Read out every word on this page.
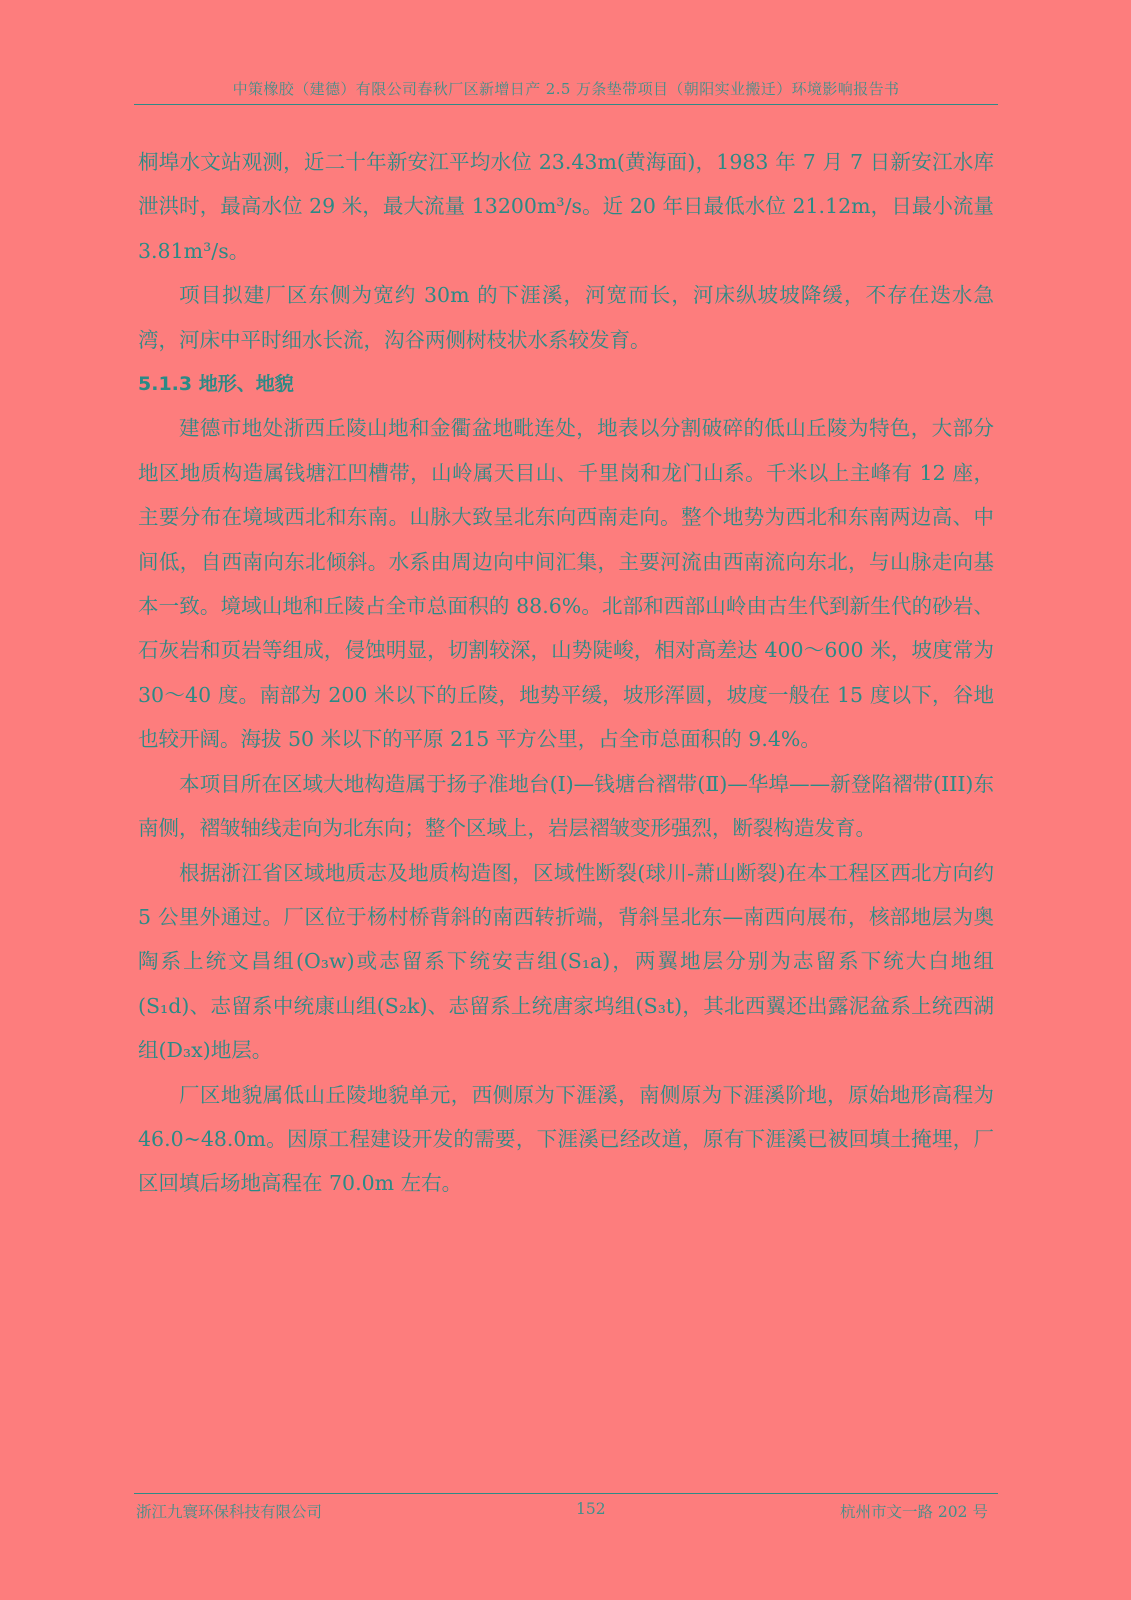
中策橡胶（建德）有限公司春秋厂区新增日产 2.5 万条垫带项目（朝阳实业搬迁）环境影响报告书

桐埠水文站观测，近二十年新安江平均水位 23.43m(黄海面)，1983 年 7 月 7 日新安江水库泄洪时，最高水位 29 米，最大流量 13200m³/s。近 20 年日最低水位 21.12m，日最小流量 3.81m³/s。

项目拟建厂区东侧为宽约 30m 的下涯溪，河宽而长，河床纵坡坡降缓，不存在迭水急湾，河床中平时细水长流，沟谷两侧树枝状水系较发育。

5.1.3 地形、地貌

建德市地处浙西丘陵山地和金衢盆地毗连处，地表以分割破碎的低山丘陵为特色，大部分地区地质构造属钱塘江凹槽带，山岭属天目山、千里岗和龙门山系。千米以上主峰有 12 座，主要分布在境域西北和东南。山脉大致呈北东向西南走向。整个地势为西北和东南两边高、中间低，自西南向东北倾斜。水系由周边向中间汇集，主要河流由西南流向东北，与山脉走向基本一致。境域山地和丘陵占全市总面积的 88.6%。北部和西部山岭由古生代到新生代的砂岩、石灰岩和页岩等组成，侵蚀明显，切割较深，山势陡峻，相对高差达 400～600 米，坡度常为 30～40 度。南部为 200 米以下的丘陵，地势平缓，坡形浑圆，坡度一般在 15 度以下，谷地也较开阔。海拔 50 米以下的平原 215 平方公里，占全市总面积的 9.4%。

本项目所在区域大地构造属于扬子准地台(I)—钱塘台褶带(Ⅱ)—华埠——新登陷褶带(III)东南侧，褶皱轴线走向为北东向；整个区域上，岩层褶皱变形强烈，断裂构造发育。

根据浙江省区域地质志及地质构造图，区域性断裂(球川-萧山断裂)在本工程区西北方向约 5 公里外通过。厂区位于杨村桥背斜的南西转折端，背斜呈北东—南西向展布，核部地层为奥陶系上统文昌组(O₃w)或志留系下统安吉组(S₁a)，两翼地层分别为志留系下统大白地组(S₁d)、志留系中统康山组(S₂k)、志留系上统唐家坞组(S₃t)，其北西翼还出露泥盆系上统西湖组(D₃x)地层。

厂区地貌属低山丘陵地貌单元，西侧原为下涯溪，南侧原为下涯溪阶地，原始地形高程为 46.0~48.0m。因原工程建设开发的需要，下涯溪已经改道，原有下涯溪已被回填土掩埋，厂区回填后场地高程在 70.0m 左右。

浙江九寰环保科技有限公司	152	杭州市文一路 202 号
